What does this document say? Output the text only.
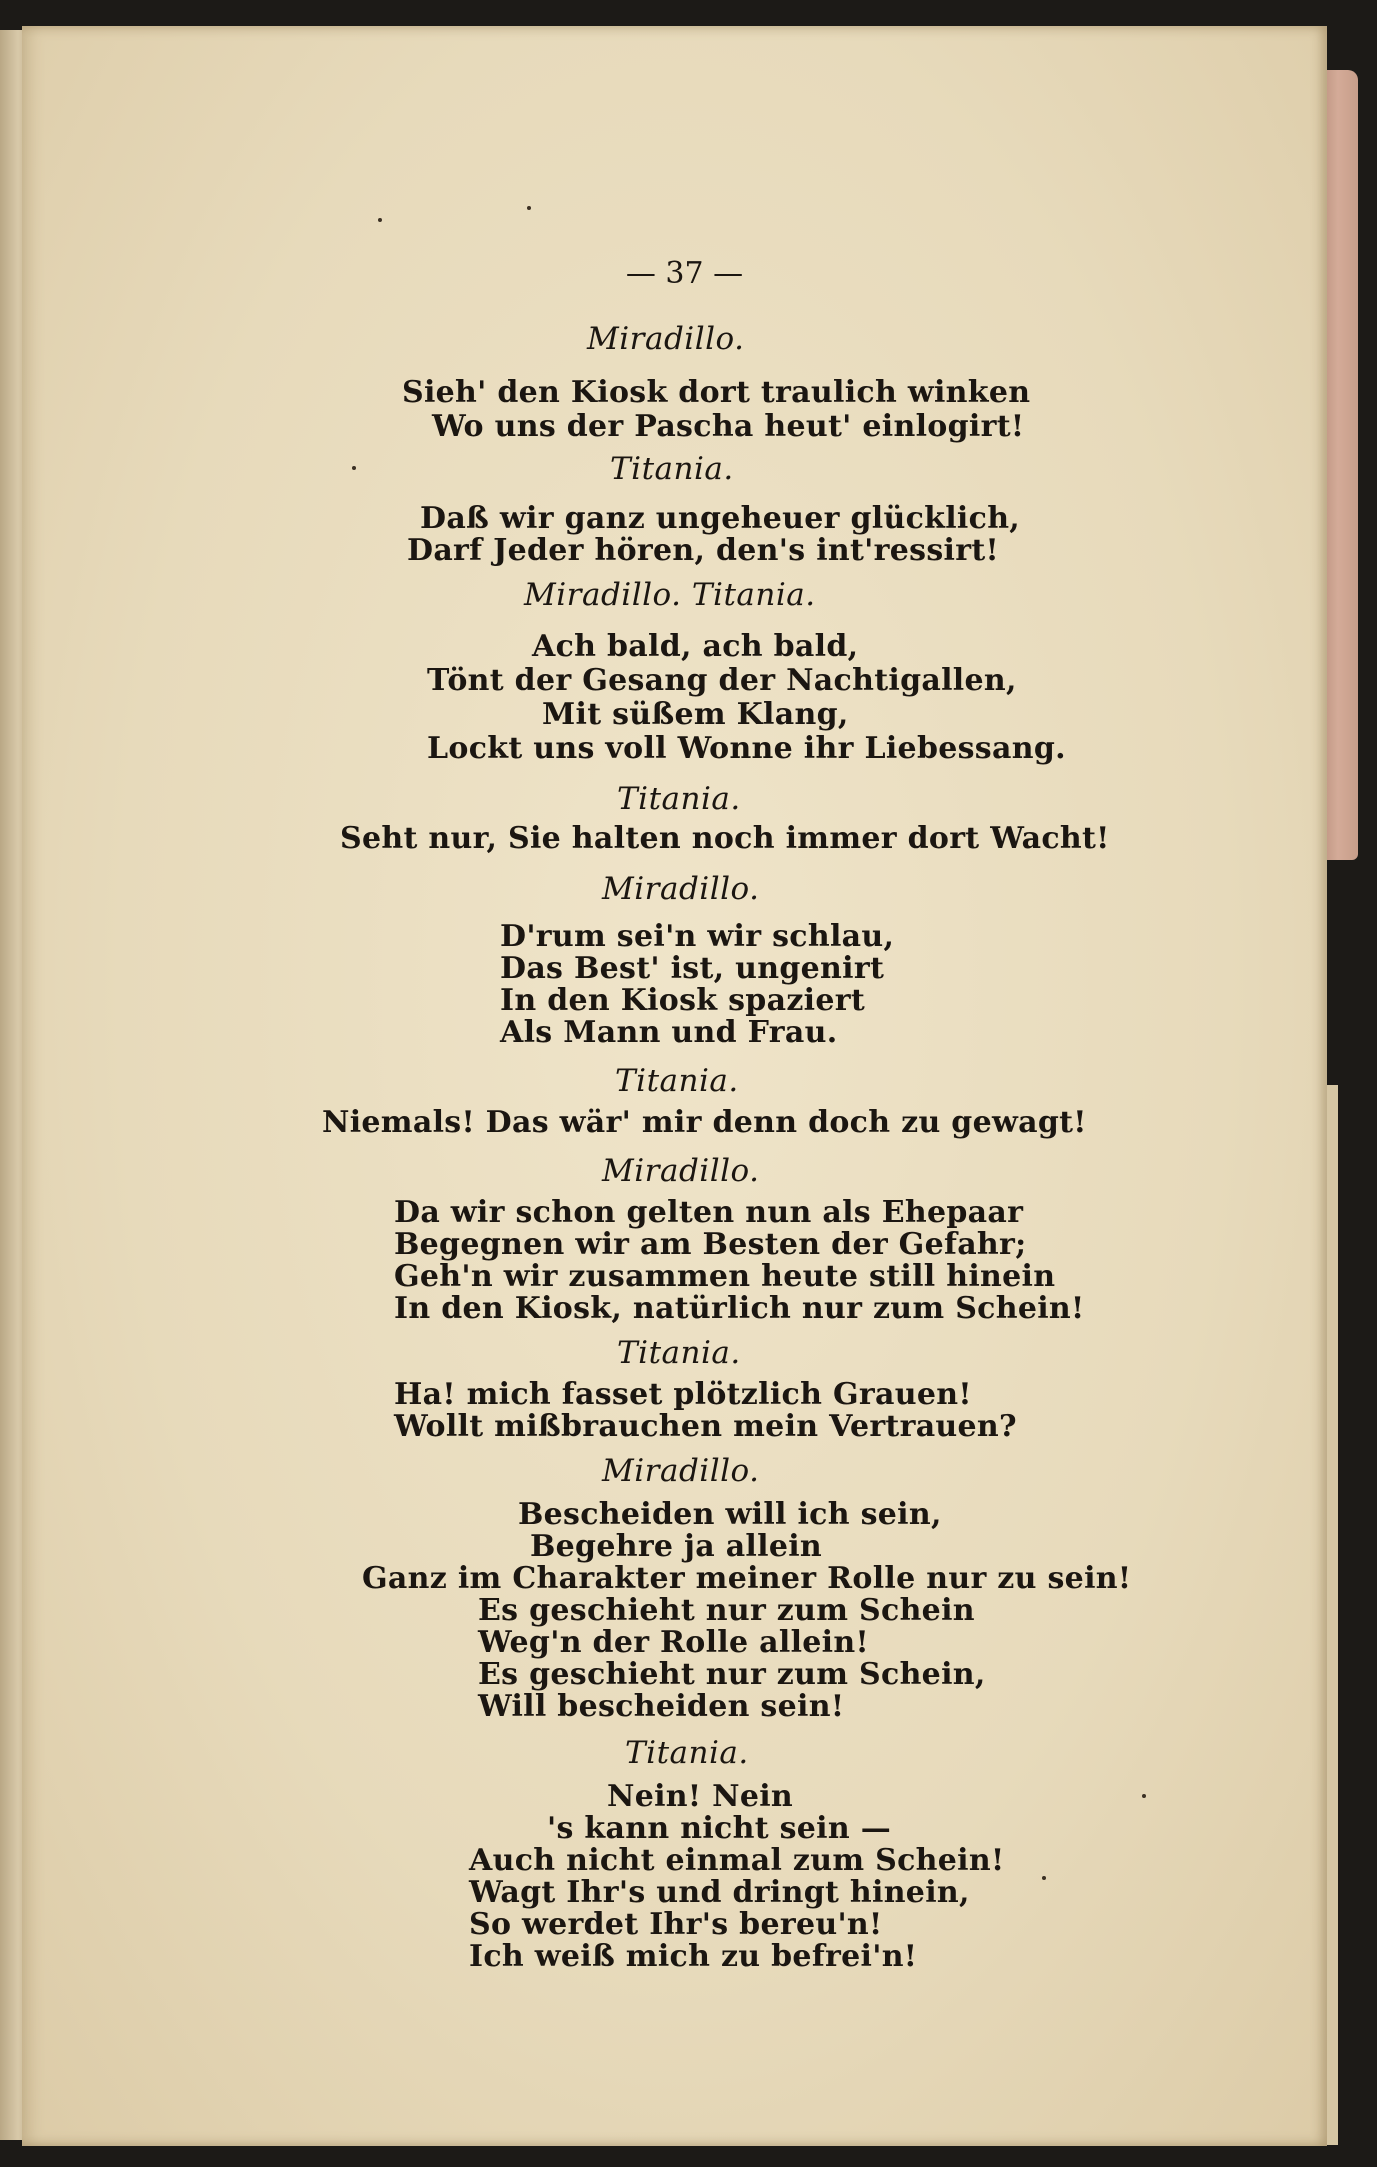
— 37 —
Miradillo.
Sieh' den Kiosk dort traulich winken
Wo uns der Pascha heut' einlogirt!
Titania.
Daß wir ganz ungeheuer glücklich,
Darf Jeder hören, den's int'ressirt!
Miradillo. Titania.
Ach bald, ach bald,
Tönt der Gesang der Nachtigallen,
Mit süßem Klang,
Lockt uns voll Wonne ihr Liebessang.
Titania.
Seht nur, Sie halten noch immer dort Wacht!
Miradillo.
D'rum sei'n wir schlau,
Das Best' ist, ungenirt
In den Kiosk spaziert
Als Mann und Frau.
Titania.
Niemals! Das wär' mir denn doch zu gewagt!
Miradillo.
Da wir schon gelten nun als Ehepaar
Begegnen wir am Besten der Gefahr;
Geh'n wir zusammen heute still hinein
In den Kiosk, natürlich nur zum Schein!
Titania.
Ha! mich fasset plötzlich Grauen!
Wollt mißbrauchen mein Vertrauen?
Miradillo.
Bescheiden will ich sein,
Begehre ja allein
Ganz im Charakter meiner Rolle nur zu sein!
Es geschieht nur zum Schein
Weg'n der Rolle allein!
Es geschieht nur zum Schein,
Will bescheiden sein!
Titania.
Nein! Nein
's kann nicht sein —
Auch nicht einmal zum Schein!
Wagt Ihr's und dringt hinein,
So werdet Ihr's bereu'n!
Ich weiß mich zu befrei'n!
